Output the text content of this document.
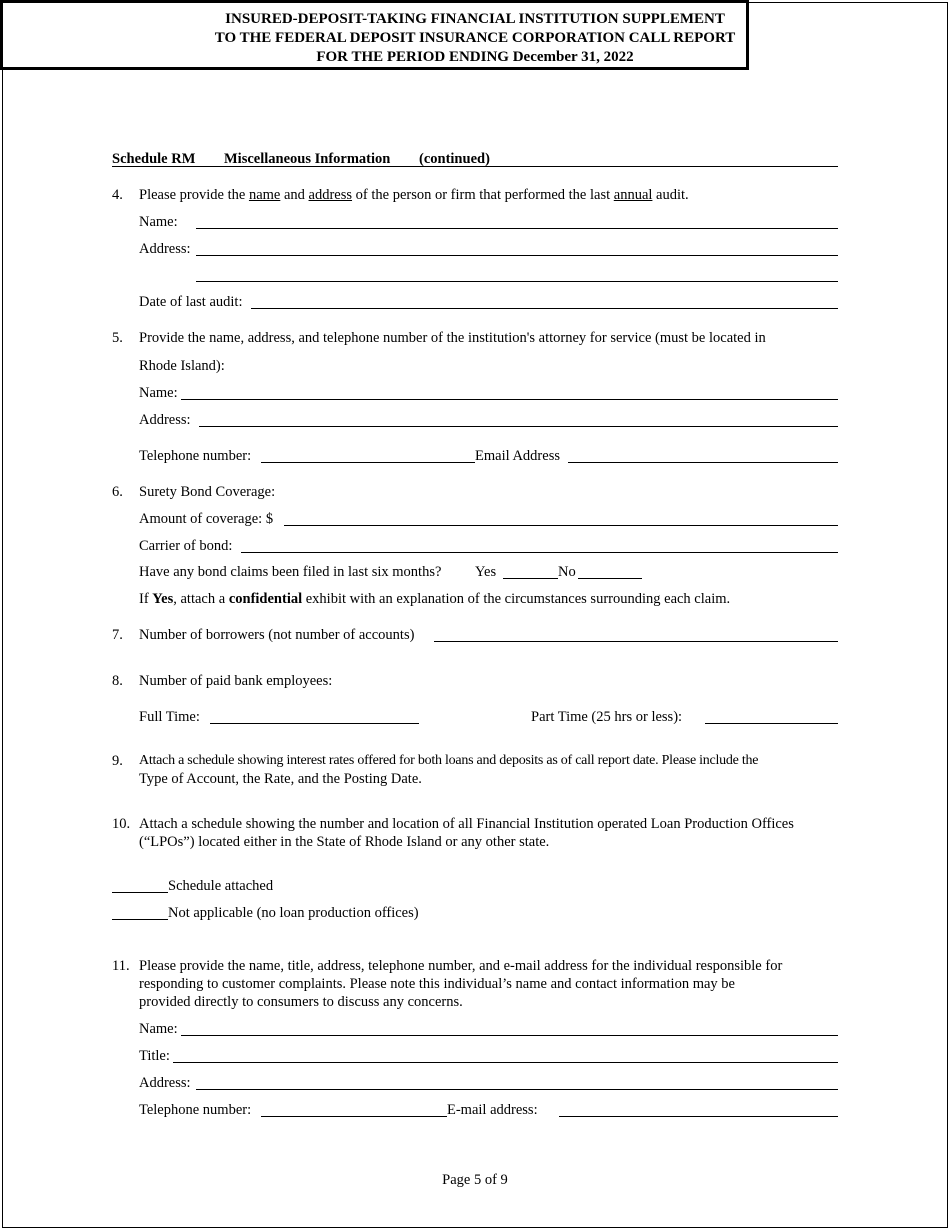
INSURED-DEPOSIT-TAKING FINANCIAL INSTITUTION SUPPLEMENT
TO THE FEDERAL DEPOSIT INSURANCE CORPORATION CALL REPORT
FOR THE PERIOD ENDING December 31, 2022
Schedule RM Miscellaneous Information (continued)
4. Please provide the name and address of the person or firm that performed the last annual audit.
Name:
Address:
Date of last audit:
5. Provide the name, address, and telephone number of the institution's attorney for service (must be located in
Rhode Island):
Name:
Address:
Telephone number:	Email Address
6. Surety Bond Coverage:
Amount of coverage: $
Carrier of bond:
Have any bond claims been filed in last six months? Yes	No
If Yes, attach a confidential exhibit with an explanation of the circumstances surrounding each claim.
7. Number of borrowers (not number of accounts)
8. Number of paid bank employees:
Full Time:	Part Time (25 hrs or less):
9. Attach a schedule showing interest rates offered for both loans and deposits as of call report date. Please include the
Type of Account, the Rate, and the Posting Date.
10. Attach a schedule showing the number and location of all Financial Institution operated Loan Production Offices
(“LPOs”) located either in the State of Rhode Island or any other state.
Schedule attached
Not applicable (no loan production offices)
11. Please provide the name, title, address, telephone number, and e-mail address for the individual responsible for
responding to customer complaints. Please note this individual’s name and contact information may be
provided directly to consumers to discuss any concerns.
Name:
Title:
Address:
Telephone number:	E-mail address:
Page 5 of 9
